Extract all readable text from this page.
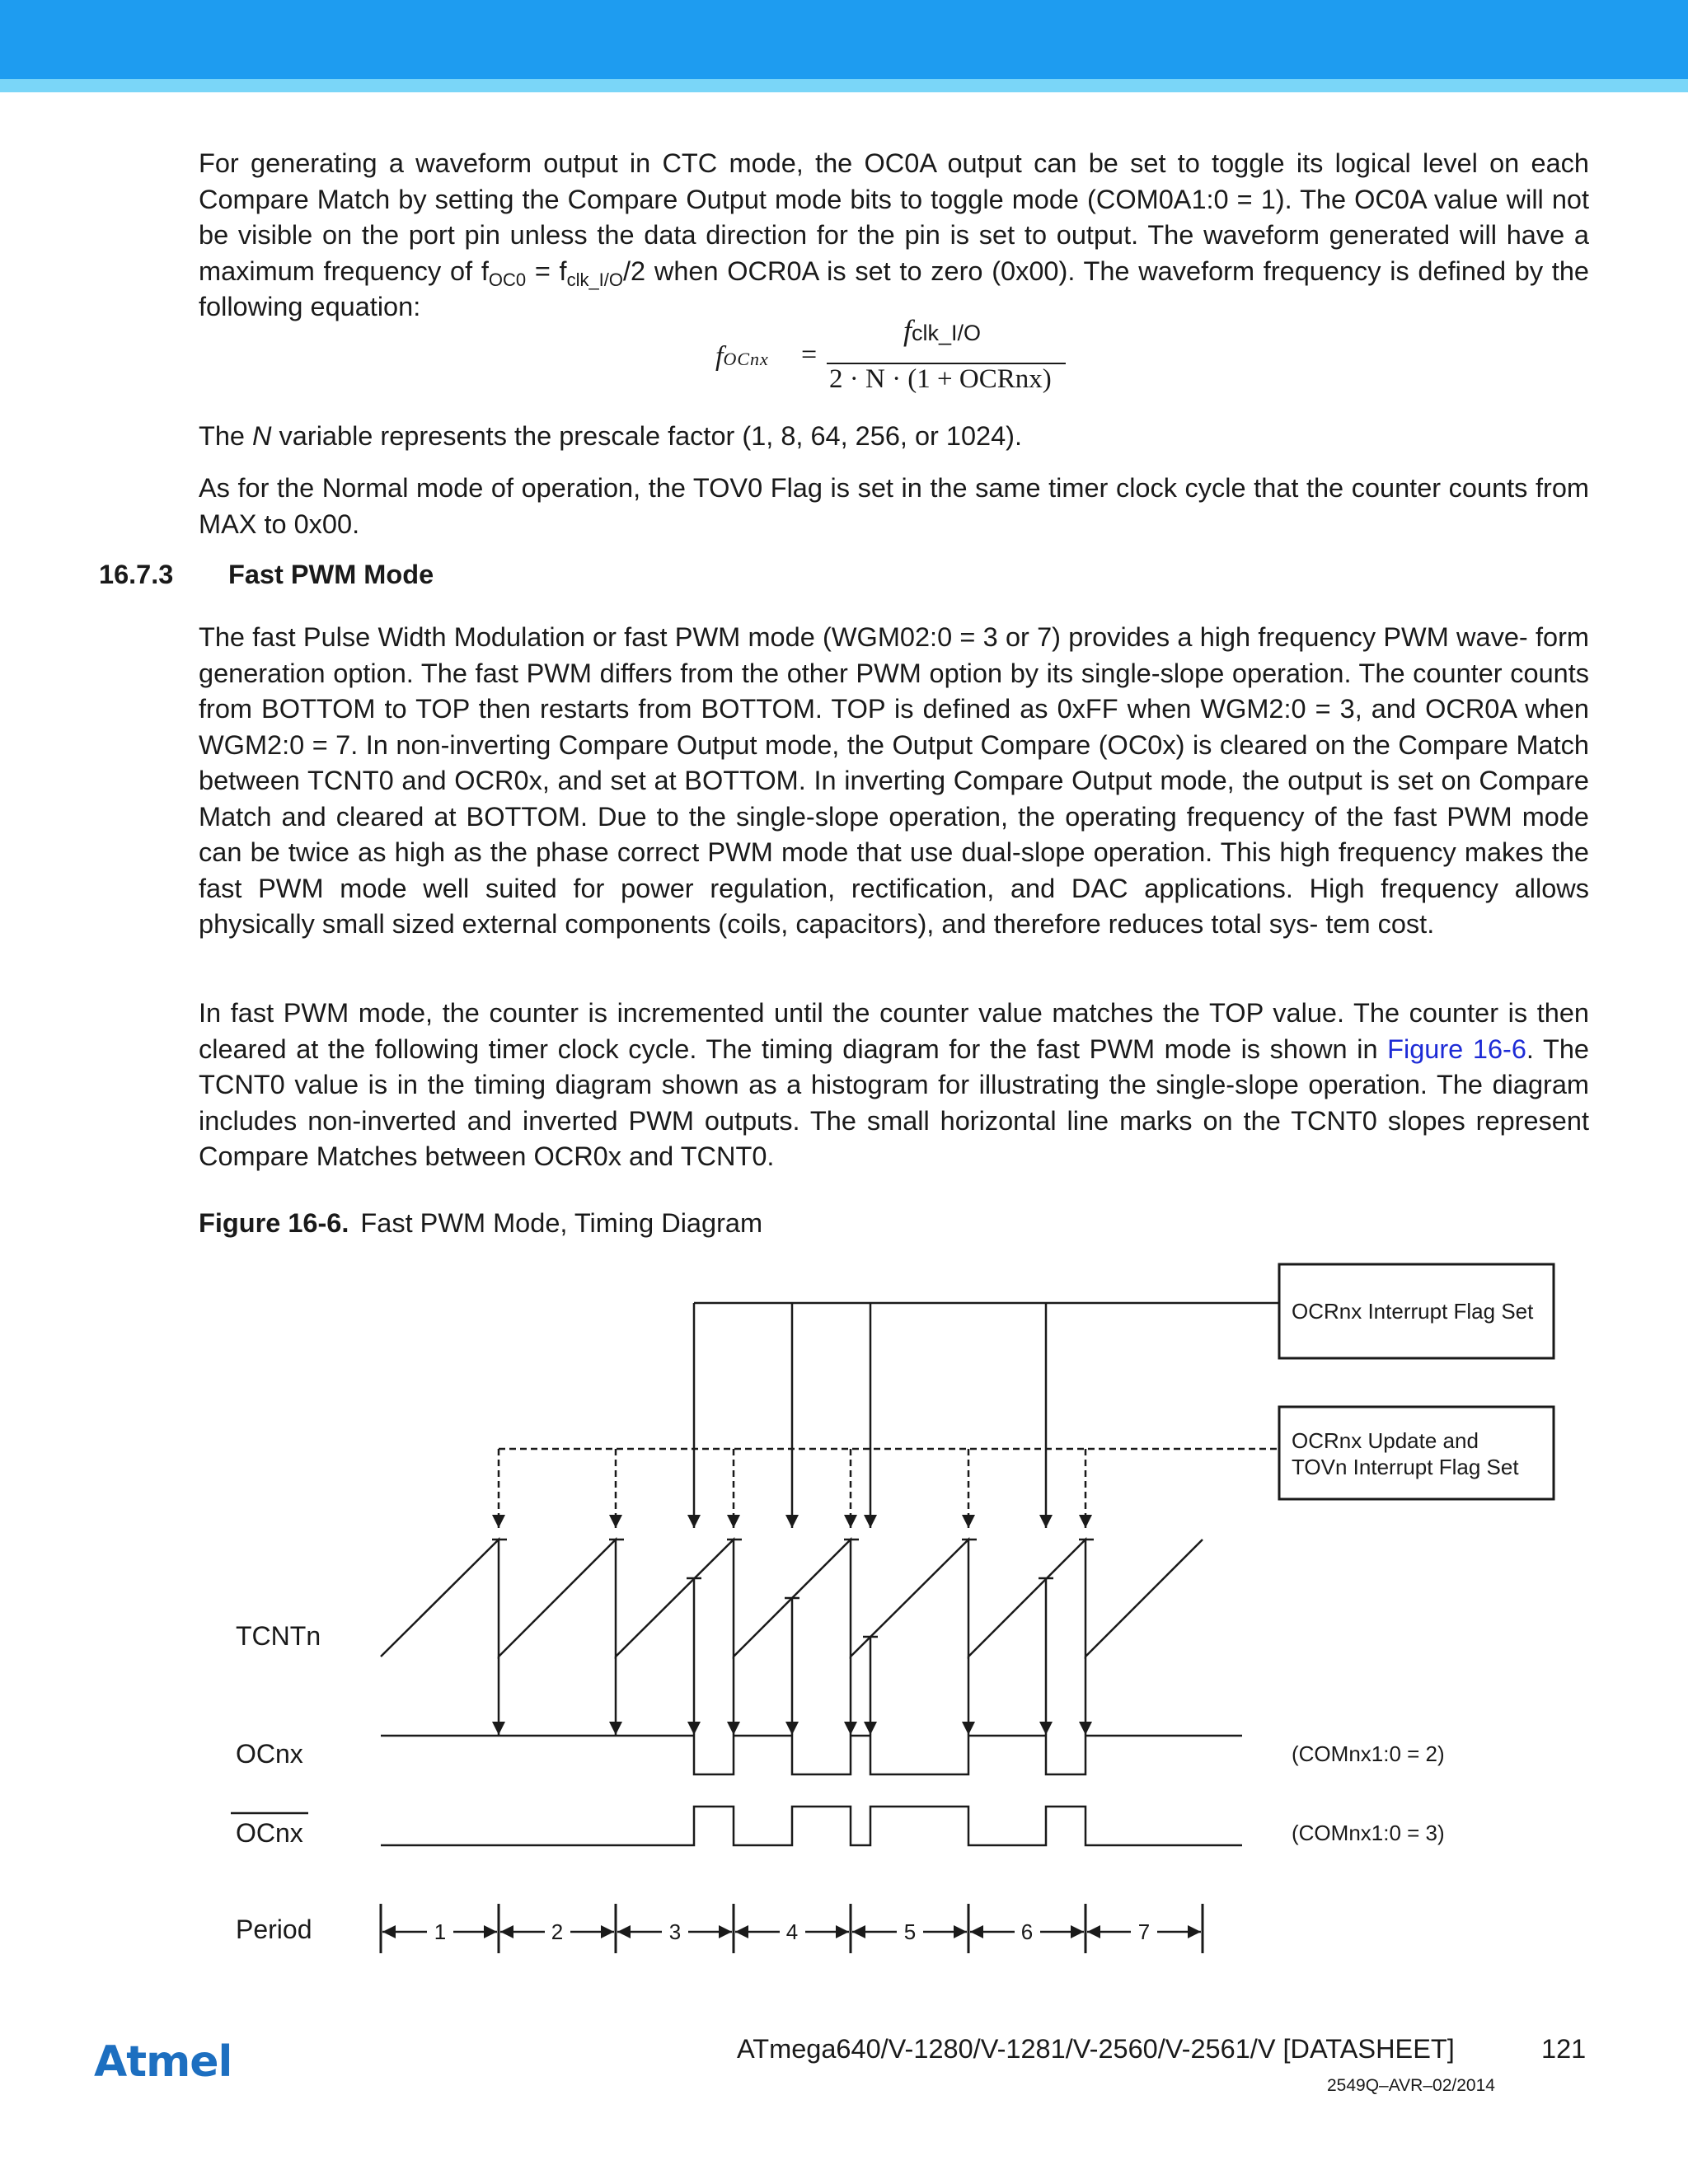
For generating a waveform output in CTC mode, the OC0A output can be set to toggle its logical level on each Compare Match by setting the Compare Output mode bits to toggle mode (COM0A1:0 = 1). The OC0A value will not be visible on the port pin unless the data direction for the pin is set to output. The waveform generated will have a maximum frequency of $f_{OC0} = f_{clk\_I/O}/2$ when OCR0A is set to zero (0x00). The waveform frequency is defined by the following equation:

fOCnx =
fclk_I/O
2 · N · (1 + OCRnx)

The N variable represents the prescale factor (1, 8, 64, 256, or 1024).

As for the Normal mode of operation, the TOV0 Flag is set in the same timer clock cycle that the counter counts from MAX to 0x00.

16.7.3 Fast PWM Mode

The fast Pulse Width Modulation or fast PWM mode (WGM02:0 = 3 or 7) provides a high frequency PWM wave- form generation option. The fast PWM differs from the other PWM option by its single-slope operation. The counter counts from BOTTOM to TOP then restarts from BOTTOM. TOP is defined as 0xFF when WGM2:0 = 3, and OCR0A when WGM2:0 = 7. In non-inverting Compare Output mode, the Output Compare (OC0x) is cleared on the Compare Match between TCNT0 and OCR0x, and set at BOTTOM. In inverting Compare Output mode, the output is set on Compare Match and cleared at BOTTOM. Due to the single-slope operation, the operating frequency of the fast PWM mode can be twice as high as the phase correct PWM mode that use dual-slope operation. This high frequency makes the fast PWM mode well suited for power regulation, rectification, and DAC applications. High frequency allows physically small sized external components (coils, capacitors), and therefore reduces total sys- tem cost.

In fast PWM mode, the counter is incremented until the counter value matches the TOP value. The counter is then cleared at the following timer clock cycle. The timing diagram for the fast PWM mode is shown in Figure 16-6. The TCNT0 value is in the timing diagram shown as a histogram for illustrating the single-slope operation. The diagram includes non-inverted and inverted PWM outputs. The small horizontal line marks on the TCNT0 slopes represent Compare Matches between OCR0x and TCNT0.

Figure 16-6. Fast PWM Mode, Timing Diagram
OCRnx Interrupt Flag Set
OCRnx Update and
TOVn Interrupt Flag Set
TCNTn
OCnx
OCnx
Period
(COMnx1:0 = 2)
(COMnx1:0 = 3)
1	2	3	4	5	6	7
Atmel	ATmega640/V-1280/V-1281/V-2560/V-2561/V [DATASHEET]	121
2549Q–AVR–02/2014
